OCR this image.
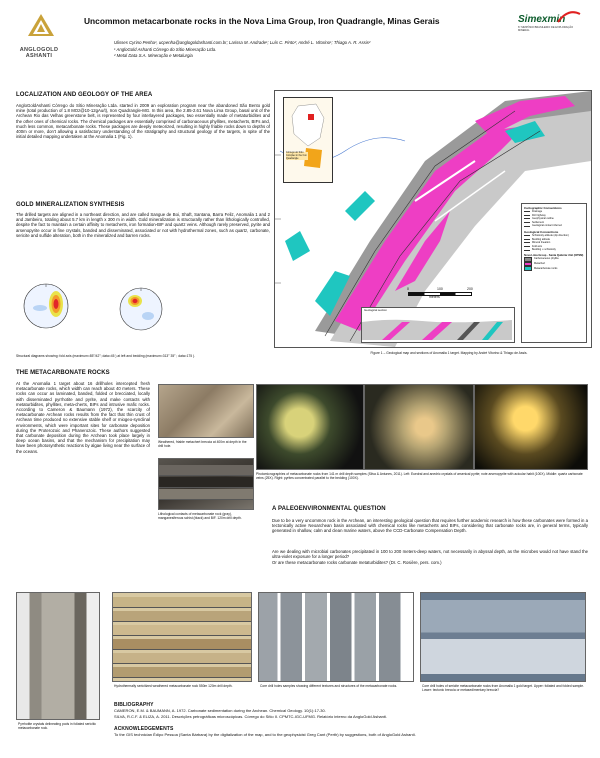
ANGLOGOLD ASHANTI
Uncommon metacarbonate rocks in the Nova Lima Group, Iron Quadrangle, Minas Gerais
Ulisses Cyrino Penha¹, ucpenha@anglogoldashanti.com.br; Larissa M. Andrade¹; Luís C. Pinto¹; André L. Vitorino¹; Thiago A. R. Assis²
¹ AngloGold Ashanti Córrego do Sítio Mineração Ltda.
² Metal Data S.A. Mineração e Metalurgia
Simexmin
6º SIMPÓSIO BRASILEIRO DE EXPLORAÇÃO MINERAL
LOCALIZATION AND GEOLOGY OF THE AREA
AngloGoldAshanti Córrego do Sítio Mineração Ltda. started in 2009 an exploration program near the abandoned São Bento gold mine (total production of 1.8 MOz@10-12gAu/t), Iron Quadrangle-MG. In this area, the 2.85-2.61 Nova Lima Group, basal unit of the Archean Rio das Velhas greenstone belt, is represented by four interlayered packages, two essentially made of metaturbidites and the other ones of chemical rocks. The chemical packages are essentially comprised of carbonaceous phyllites, metacherts, BIFs and, much less common, metacarbonate rocks. These packages are deeply meteorized, resulting in highly friable rocks down to depths of 400m or more, don't allowing a satisfactory understanding of the stratigraphy and structural geology of the targets, in spite of the initial detailed mapping undertaken at the Anomalia 1 (Fig. 1).
GOLD MINERALIZATION SYNTHESIS
The drilled targets are aligned in a northeast direction, and are called Sangue de Boi, Shaft, Santana, Barra Feliz, Anomalia 1 and 2 and Jambeiro, totaling about 5.7 km in length x 300 m in width. Gold mineralization is structurally rather than lithologically controlled, despite the fact to maintain a certain affinity to metacherts, iron formation-BIF and quartz veins. Although rarely preserved, pyrite and arsenopyrite occur in fine crystals, banded and disseminated, associated or not with hydrothermal zones, such as quartz, carbonate, sericite and sulfide alteration, both in the mineralized and barren rocks.
Structural diagrams showing: fold axis (maximum=85°/42°; data=45 ) at left and bedding (maximum=313° 35° ; data=175 ).
Córrego do Sítio Complex in the Iron Quadrangle
Cartographic Conventions
Drainage
Dirt highway
Geophysical outline
Settlement
Geological contact inferred
Geological Conventions
Schistosity attitude (dip direction)
Bedding attitude
Mineral lineation
Fold axis
Bedding ∞ schistosity
Nova Lima Group - Santa Quitéria Unit (CPSM)
Carbonaceous phyllite
Metachert
Metacarbonate rocks
0	100	200
meters
Geological section
Figure 1 – Geological map and sections of Anomalia 1 target. Mapping by André Vitorino & Thiago de Assis.
THE METACARBONATE ROCKS
At the Anomalia 1 target about 16 drillholes intercepted fresh metacarbonate rocks, which width can reach about 40 meters. These rocks can occur as laminated, banded, folded or brecciated, locally with disseminated pyrrhotite and pyrite, and make contacts with metaturbidites, phyllites, meta-cherts, BIFs and intrusive mafic rocks. According to Cameron & Baumann (1972), the scarcity of metacarbonate Archean rocks results from the fact that thin crust of Archean time produced no extensive stable shelf or miogeo-synclinal environments, which were important sites for carbonate deposition during the Proterozoic and Phanerozoic. These authors suggested that carbonate deposition during the Archean took place largely in deep ocean basins, and that the mechanism for precipitation may have been photosynthetic reactions by algae living near the surface of the oceans.
Weathered, friable metachert breccia at 400m at depth in the drill hole.
Lithological contacts of metacarbonate rock (gray), manganesiferous schist (black) and BIF. 120m drill depth.
Photomicrographies of metacarbonate rocks from 141 m drill depth samples (Silva & Antunes, 2011). Left: Euedral and anedric crystals of arsenical pyrite; note arsenopyrite with acicular habit (100X). Middle: quartz carbonate veins (25X). Right: pyrites concentrated parallel to the bedding (100X).
A PALEOENVIRONMENTAL QUESTION
Due to be a very uncommon rock in the Archean, an interesting geological question that requires further academic research is how these carbonates were formed in a tectonically active Neoarchean basin associated with chemical rocks like metacherts and BIFs, considering that carbonate rocks are, in general terms, typically generated in shallow, calm and clean marine waters, above the CCD-Carbonate Compensation Depth.
Are we dealing with microbial carbonates precipitated in 100 to 200 meters-deep waters, not necessarily in abyssal depth, as the microbes would not have stand the ultra-violet exposure for a longer period?
Or are these metacarbonate rocks carbonate metaturbidites? (Dr. C. Rosière, pers. com.)
Pyrrhotite crystals delineating pods in foliated sericitic metacarbonate rock.
Hydrothermally sericitized weathered metacarbonate rock 550m 120m drill depth.	Core drill holes samples showing different textures and structures of the metacarbonate rocks.	Core drill holes of sericite metacarbonate rocks from Anomalia 1 gold target. Upper: foliated and folded sample. Lower: tectonic breccia or metasedimentary breccia?
BIBLIOGRAPHY
CAMERON, E.M. & BAUMANN, A. 1972. Carbonate sedimentation during the Archean. Chemical Geology. 10(1):17-30.
SILVA, R.C.F. & ELIZA, A. 2011. Descrições petrográficas microscópicas. Córrego do Sítio II. CPMTC-IGC-UFMG. Relatório interno da AngloGold Ashanti.
ACKNOWLEDGEMENTS
To the GIS technician Édipo Pessoa (Santa Bárbara) by the digitalization of the map, and to the geophysicist Greg Cant (Perth) by suggestions, both of AngloGold Ashanti.
